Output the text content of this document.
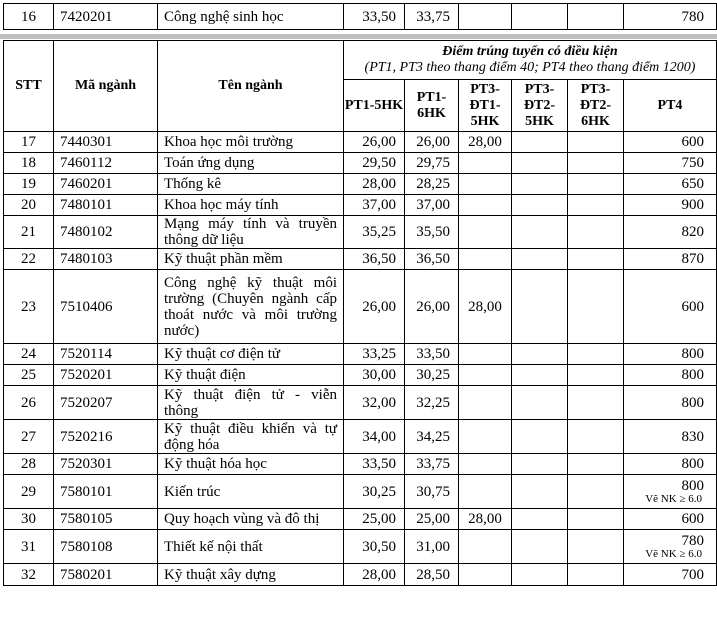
16	7420201	Công nghệ sinh học	33,50	33,75				780
STT	Mã ngành	Tên ngành	Điểm trúng tuyển có điều kiện
(PT1, PT3 theo thang điểm 40; PT4 theo thang điểm 1200)					

			PT1-5HK	PT1-6HK	PT3-ĐT1-5HK	PT3-ĐT2-5HK	PT3-ĐT2-6HK	PT4
17	7440301	Khoa học môi trường	26,00	26,00	28,00			600
18	7460112	Toán ứng dụng	29,50	29,75				750
19	7460201	Thống kê	28,00	28,25				650
20	7480101	Khoa học máy tính	37,00	37,00				900
21	7480102	Mạng máy tính và truyền thông dữ liệu	35,25	35,50				820
22	7480103	Kỹ thuật phần mềm	36,50	36,50				870
23	7510406	Công nghệ kỹ thuật môi trường (Chuyên ngành cấp thoát nước và môi trường nước)	26,00	26,00	28,00			600
24	7520114	Kỹ thuật cơ điện tử	33,25	33,50				800
25	7520201	Kỹ thuật điện	30,00	30,25				800
26	7520207	Kỹ thuật điện tử - viễn thông	32,00	32,25				800
27	7520216	Kỹ thuật điều khiển và tự động hóa	34,00	34,25				830
28	7520301	Kỹ thuật hóa học	33,50	33,75				800
29	7580101	Kiến trúc	30,25	30,75				800
Vẽ NK ≥ 6.0

30	7580105	Quy hoạch vùng và đô thị	25,00	25,00	28,00			600
31	7580108	Thiết kế nội thất	30,50	31,00				780
Vẽ NK ≥ 6.0

32	7580201	Kỹ thuật xây dựng	28,00	28,50				700
